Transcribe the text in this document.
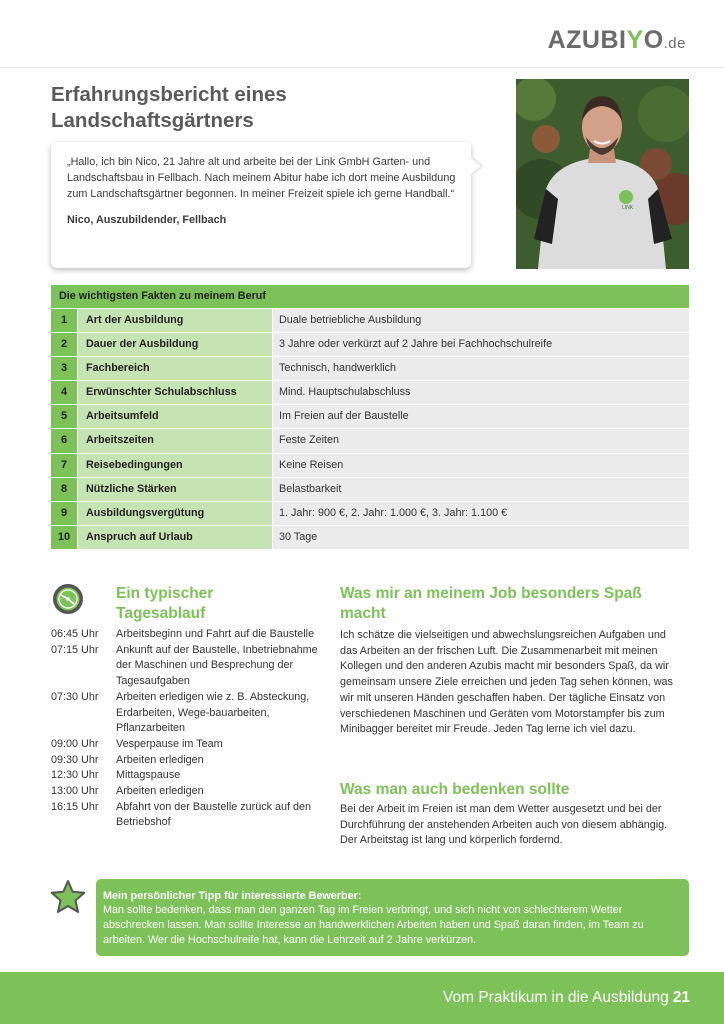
AZUBIYO.de
Erfahrungsbericht eines Landschaftsgärtners

„Hallo, ich bin Nico, 21 Jahre alt und arbeite bei der Link GmbH Garten- und Landschaftsbau in Fellbach. Nach meinem Abitur habe ich dort meine Ausbildung zum Landschaftsgärtner begonnen. In meiner Freizeit spiele ich gerne Handball.“

Nico, Auszubildender, Fellbach

LINK
Die wichtigsten Fakten zu meinem Beruf
1	Art der Ausbildung	Duale betriebliche Ausbildung
2	Dauer der Ausbildung	3 Jahre oder verkürzt auf 2 Jahre bei Fachhochschulreife
3	Fachbereich	Technisch, handwerklich
4	Erwünschter Schulabschluss	Mind. Hauptschulabschluss
5	Arbeitsumfeld	Im Freien auf der Baustelle
6	Arbeitszeiten	Feste Zeiten
7	Reisebedingungen	Keine Reisen
8	Nützliche Stärken	Belastbarkeit
9	Ausbildungsvergütung	1. Jahr: 900 €, 2. Jahr: 1.000 €, 3. Jahr: 1.100 €
10	Anspruch auf Urlaub	30 Tage
Ein typischer Tagesablauf
06:45 Uhr	Arbeitsbeginn und Fahrt auf die Baustelle
07:15 Uhr	Ankunft auf der Baustelle, Inbetriebnahme der Maschinen und Besprechung der Tagesaufgaben
07:30 Uhr	Arbeiten erledigen wie z. B. Absteckung, Erdarbeiten, Wege-bauarbeiten, Pflanzarbeiten
09:00 Uhr	Vesperpause im Team
09:30 Uhr	Arbeiten erledigen
12:30 Uhr	Mittagspause
13:00 Uhr	Arbeiten erledigen
16:15 Uhr	Abfahrt von der Baustelle zurück auf den Betriebshof
Was mir an meinem Job besonders Spaß macht

Ich schätze die vielseitigen und abwechslungsreichen Aufgaben und das Arbeiten an der frischen Luft. Die Zusammenarbeit mit meinen Kollegen und den anderen Azubis macht mir besonders Spaß, da wir gemeinsam unsere Ziele erreichen und jeden Tag sehen können, was wir mit unseren Händen geschaffen haben. Der tägliche Einsatz von verschiedenen Maschinen und Geräten vom Motorstampfer bis zum Minibagger bereitet mir Freude. Jeden Tag lerne ich viel dazu.

Was man auch bedenken sollte

Bei der Arbeit im Freien ist man dem Wetter ausgesetzt und bei der Durchführung der anstehenden Arbeiten auch von diesem abhängig. Der Arbeitstag ist lang und körperlich fordernd.

Mein persönlicher Tipp für interessierte Bewerber:

Man sollte bedenken, dass man den ganzen Tag im Freien verbringt, und sich nicht von schlechterem Wetter abschrecken lassen. Man sollte Interesse an handwerklichen Arbeiten haben und Spaß daran finden, im Team zu arbeiten. Wer die Hochschulreife hat, kann die Lehrzeit auf 2 Jahre verkürzen.

Vom Praktikum in die Ausbildung 21
